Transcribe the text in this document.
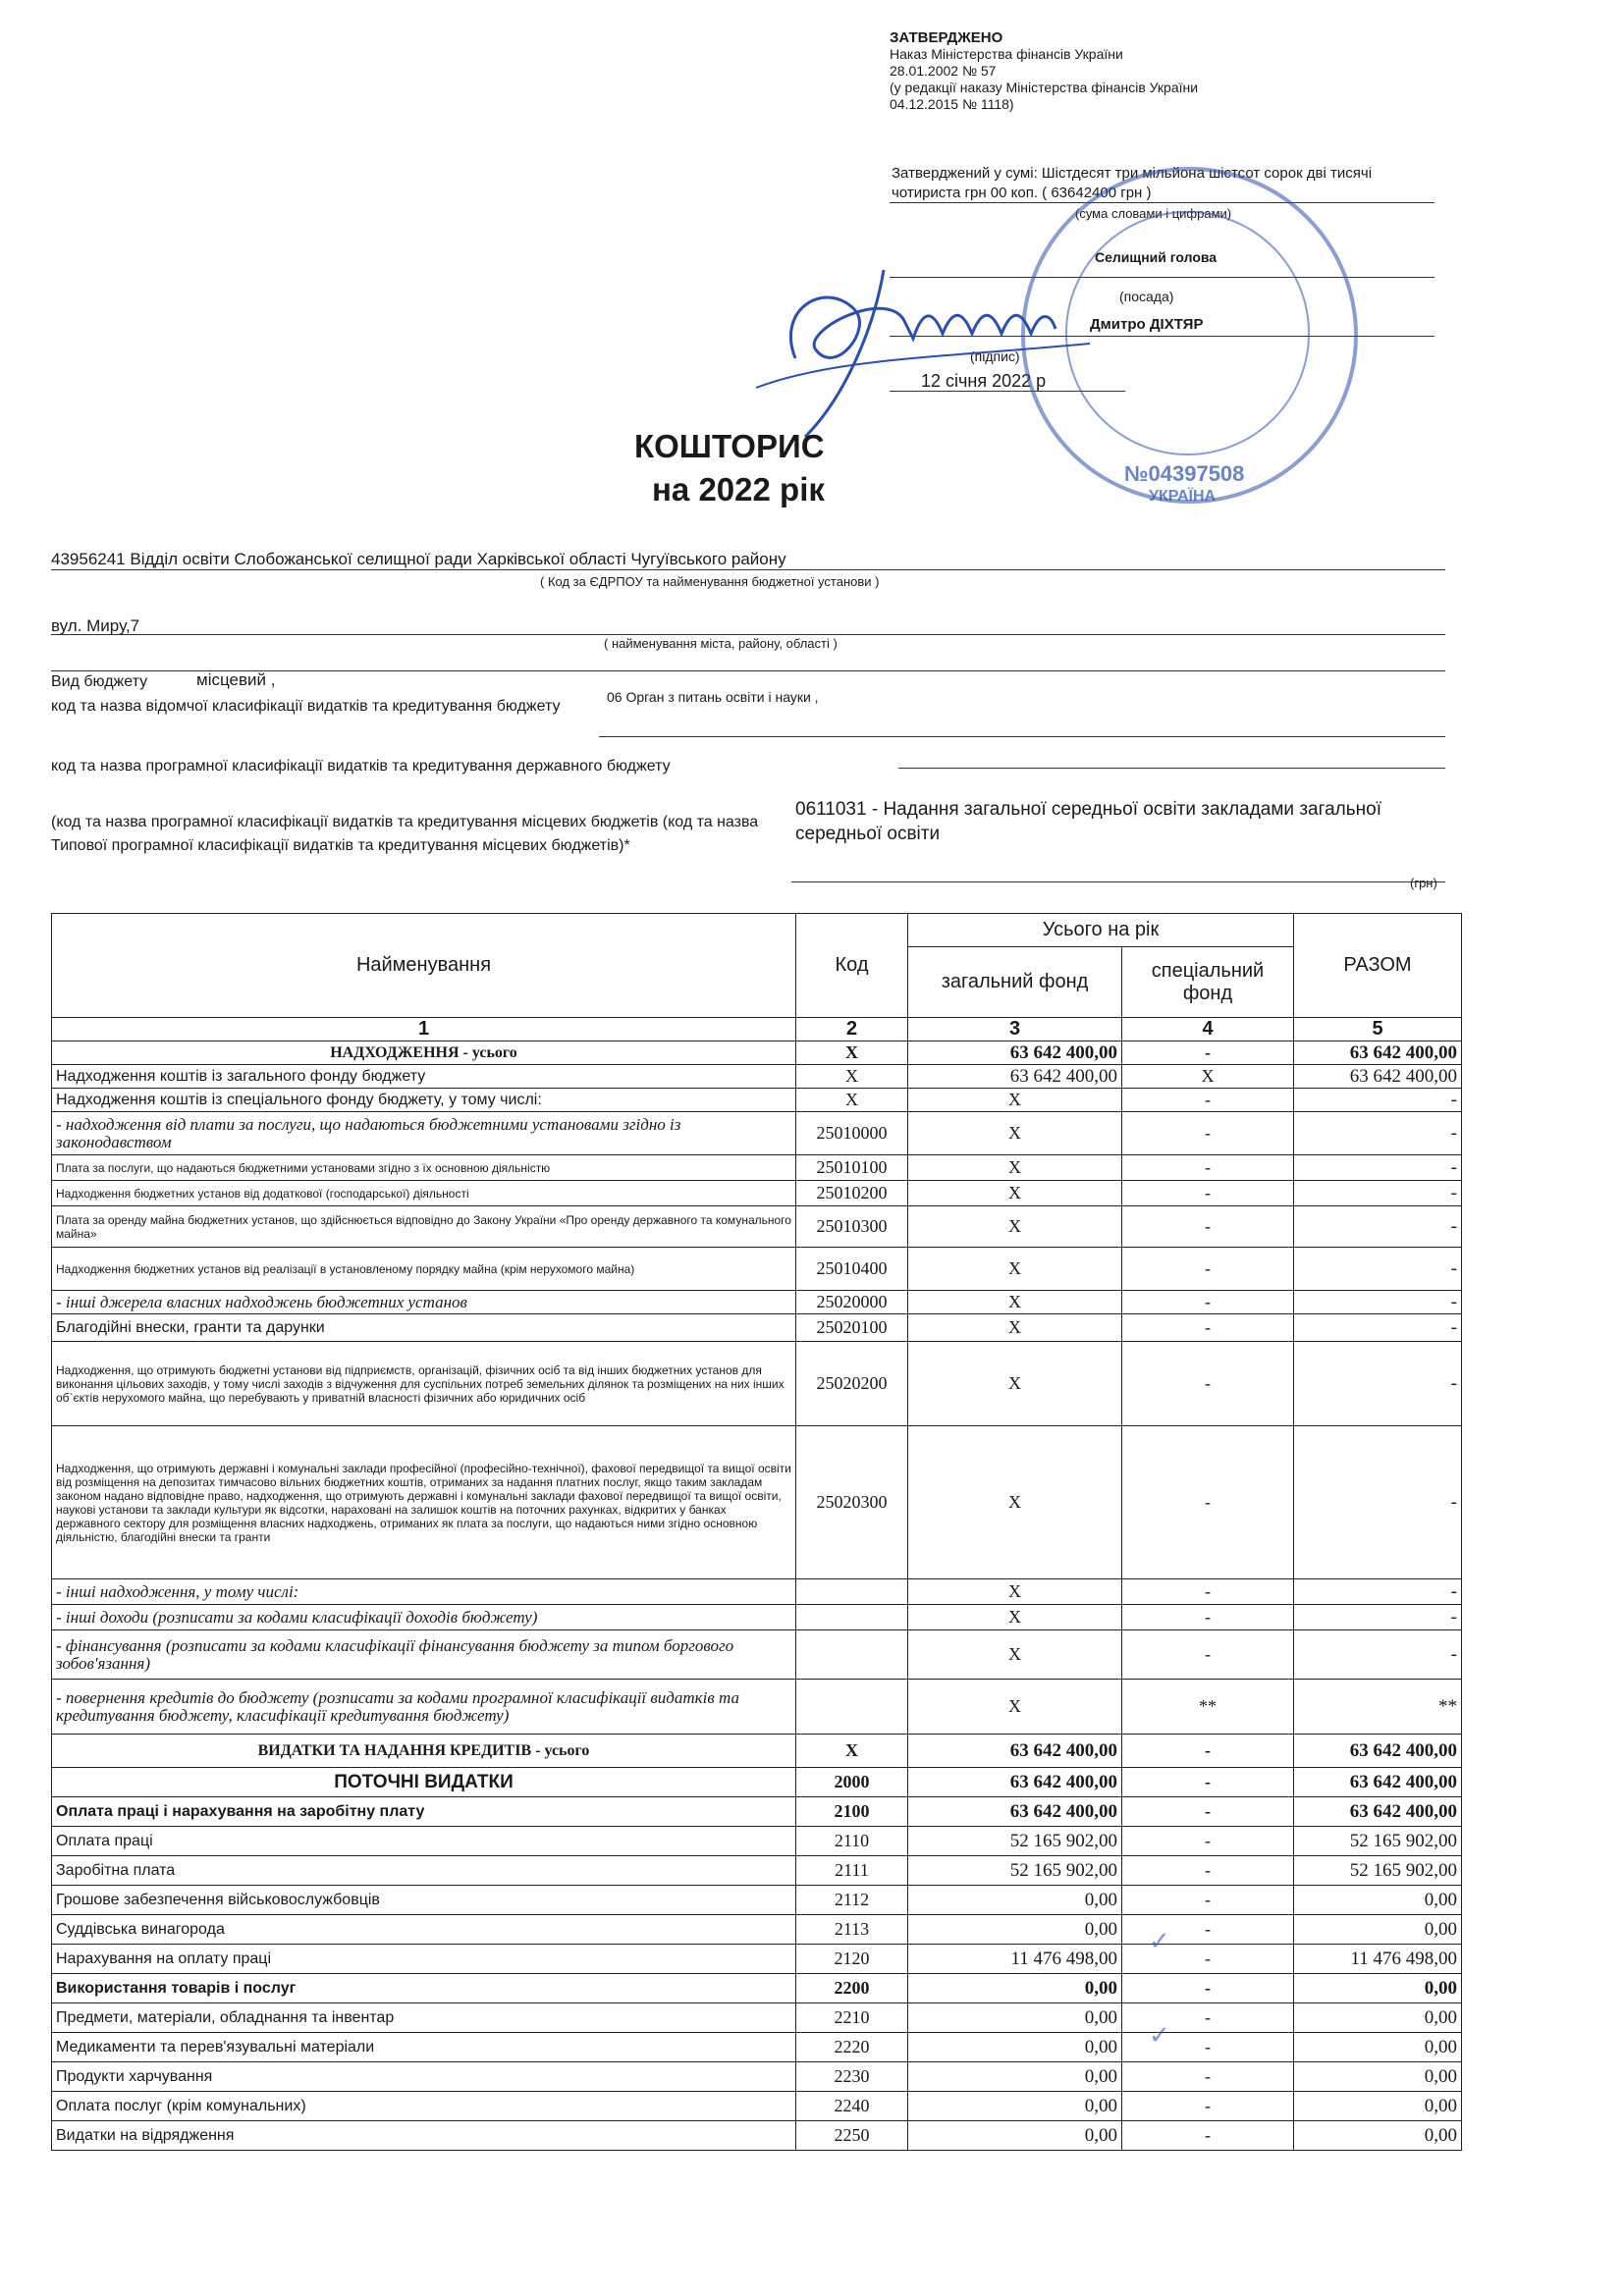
ЗАТВЕРДЖЕНО
Наказ Міністерства фінансів України
28.01.2002 № 57
(у редакції наказу Міністерства фінансів України
04.12.2015 № 1118)
Затверджений у сумі: Шістдесят три мільйона шістсот сорок дві тисячі
чотириста грн 00 коп. ( 63642400 грн )
(сума словами і цифрами)
Селищний голова
(посада)
Дмитро ДІХТЯР
(підпис)
12 січня 2022 р
№04397508
УКРАЇНА
КОШТОРИС
на 2022 рік
43956241 Відділ освіти Слобожанської селищної ради Харківської області Чугуївського району
( Код за ЄДРПОУ та найменування бюджетної установи )
вул. Миру,7
( найменування міста, району, області )
Вид бюджету	місцевий ,
код та назва відомчої класифікації видатків та кредитування бюджету
06 Орган з питань освіти і науки ,
код та назва програмної класифікації видатків та кредитування державного бюджету
(код та назва програмної класифікації видатків та кредитування місцевих бюджетів (код та назва Типової програмної класифікації видатків та кредитування місцевих бюджетів)*
0611031 - Надання загальної середньої освіти закладами загальної середньої освіти
(грн)
Найменування	Код	Усього на рік		РАЗОМ
		загальний фонд	спеціальний фонд	
1	2	3	4	5
НАДХОДЖЕННЯ - усього	X	63 642 400,00	-	63 642 400,00
Надходження коштів із загального фонду бюджету	X	63 642 400,00	X	63 642 400,00
Надходження коштів із спеціального фонду бюджету, у тому числі:	X	X	-	-
- надходження від плати за послуги, що надаються бюджетними установами згідно із законодавством	25010000	X	-	-
Плата за послуги, що надаються бюджетними установами згідно з їх основною діяльністю	25010100	X	-	-
Надходження бюджетних установ від додаткової (господарської) діяльності	25010200	X	-	-
Плата за оренду майна бюджетних установ, що здійснюється відповідно до Закону України «Про оренду державного та комунального майна»	25010300	X	-	-
Надходження бюджетних установ від реалізації в установленому порядку майна (крім нерухомого майна)	25010400	X	-	-
- інші джерела власних надходжень бюджетних установ	25020000	X	-	-
Благодійні внески, гранти та дарунки	25020100	X	-	-
Надходження, що отримують бюджетні установи від підприємств, організацій, фізичних осіб та від інших бюджетних установ для виконання цільових заходів, у тому числі заходів з відчуження для суспільних потреб земельних ділянок та розміщених на них інших об`єктів нерухомого майна, що перебувають у приватній власності фізичних або юридичних осіб	25020200	X	-	-
Надходження, що отримують державні і комунальні заклади професійної (професійно-технічної), фахової передвищої та вищої освіти від розміщення на депозитах тимчасово вільних бюджетних коштів, отриманих за надання платних послуг, якщо таким закладам законом надано відповідне право, надходження, що отримують державні і комунальні заклади фахової передвищої та вищої освіти, наукові установи та заклади культури як відсотки, нараховані на залишок коштів на поточних рахунках, відкритих у банках державного сектору для розміщення власних надходжень, отриманих як плата за послуги, що надаються ними згідно основною діяльністю, благодійні внески та гранти	25020300	X	-	-
- інші надходження, у тому числі:		X	-	-
- інші доходи (розписати за кодами класифікації доходів бюджету)		X	-	-
- фінансування (розписати за кодами класифікації фінансування бюджету за типом боргового зобов'язання)		X	-	-
- повернення кредитів до бюджету (розписати за кодами програмної класифікації видатків та кредитування бюджету, класифікації кредитування бюджету)		X	**	**
ВИДАТКИ ТА НАДАННЯ КРЕДИТІВ - усього	X	63 642 400,00	-	63 642 400,00
ПОТОЧНІ ВИДАТКИ	2000	63 642 400,00	-	63 642 400,00
Оплата праці і нарахування на заробітну плату	2100	63 642 400,00	-	63 642 400,00
Оплата праці	2110	52 165 902,00	-	52 165 902,00
Заробітна плата	2111	52 165 902,00	-	52 165 902,00
Грошове забезпечення військовослужбовців	2112	0,00	-	0,00
Суддівська винагорода	2113	0,00	-	0,00
Нарахування на оплату праці	2120	11 476 498,00	-	11 476 498,00
Використання товарів і послуг	2200	0,00	-	0,00
Предмети, матеріали, обладнання та інвентар	2210	0,00	-	0,00
Медикаменти та перев'язувальні матеріали	2220	0,00	-	0,00
Продукти харчування	2230	0,00	-	0,00
Оплата послуг (крім комунальних)	2240	0,00	-	0,00
Видатки на відрядження	2250	0,00	-	0,00
✓
✓
